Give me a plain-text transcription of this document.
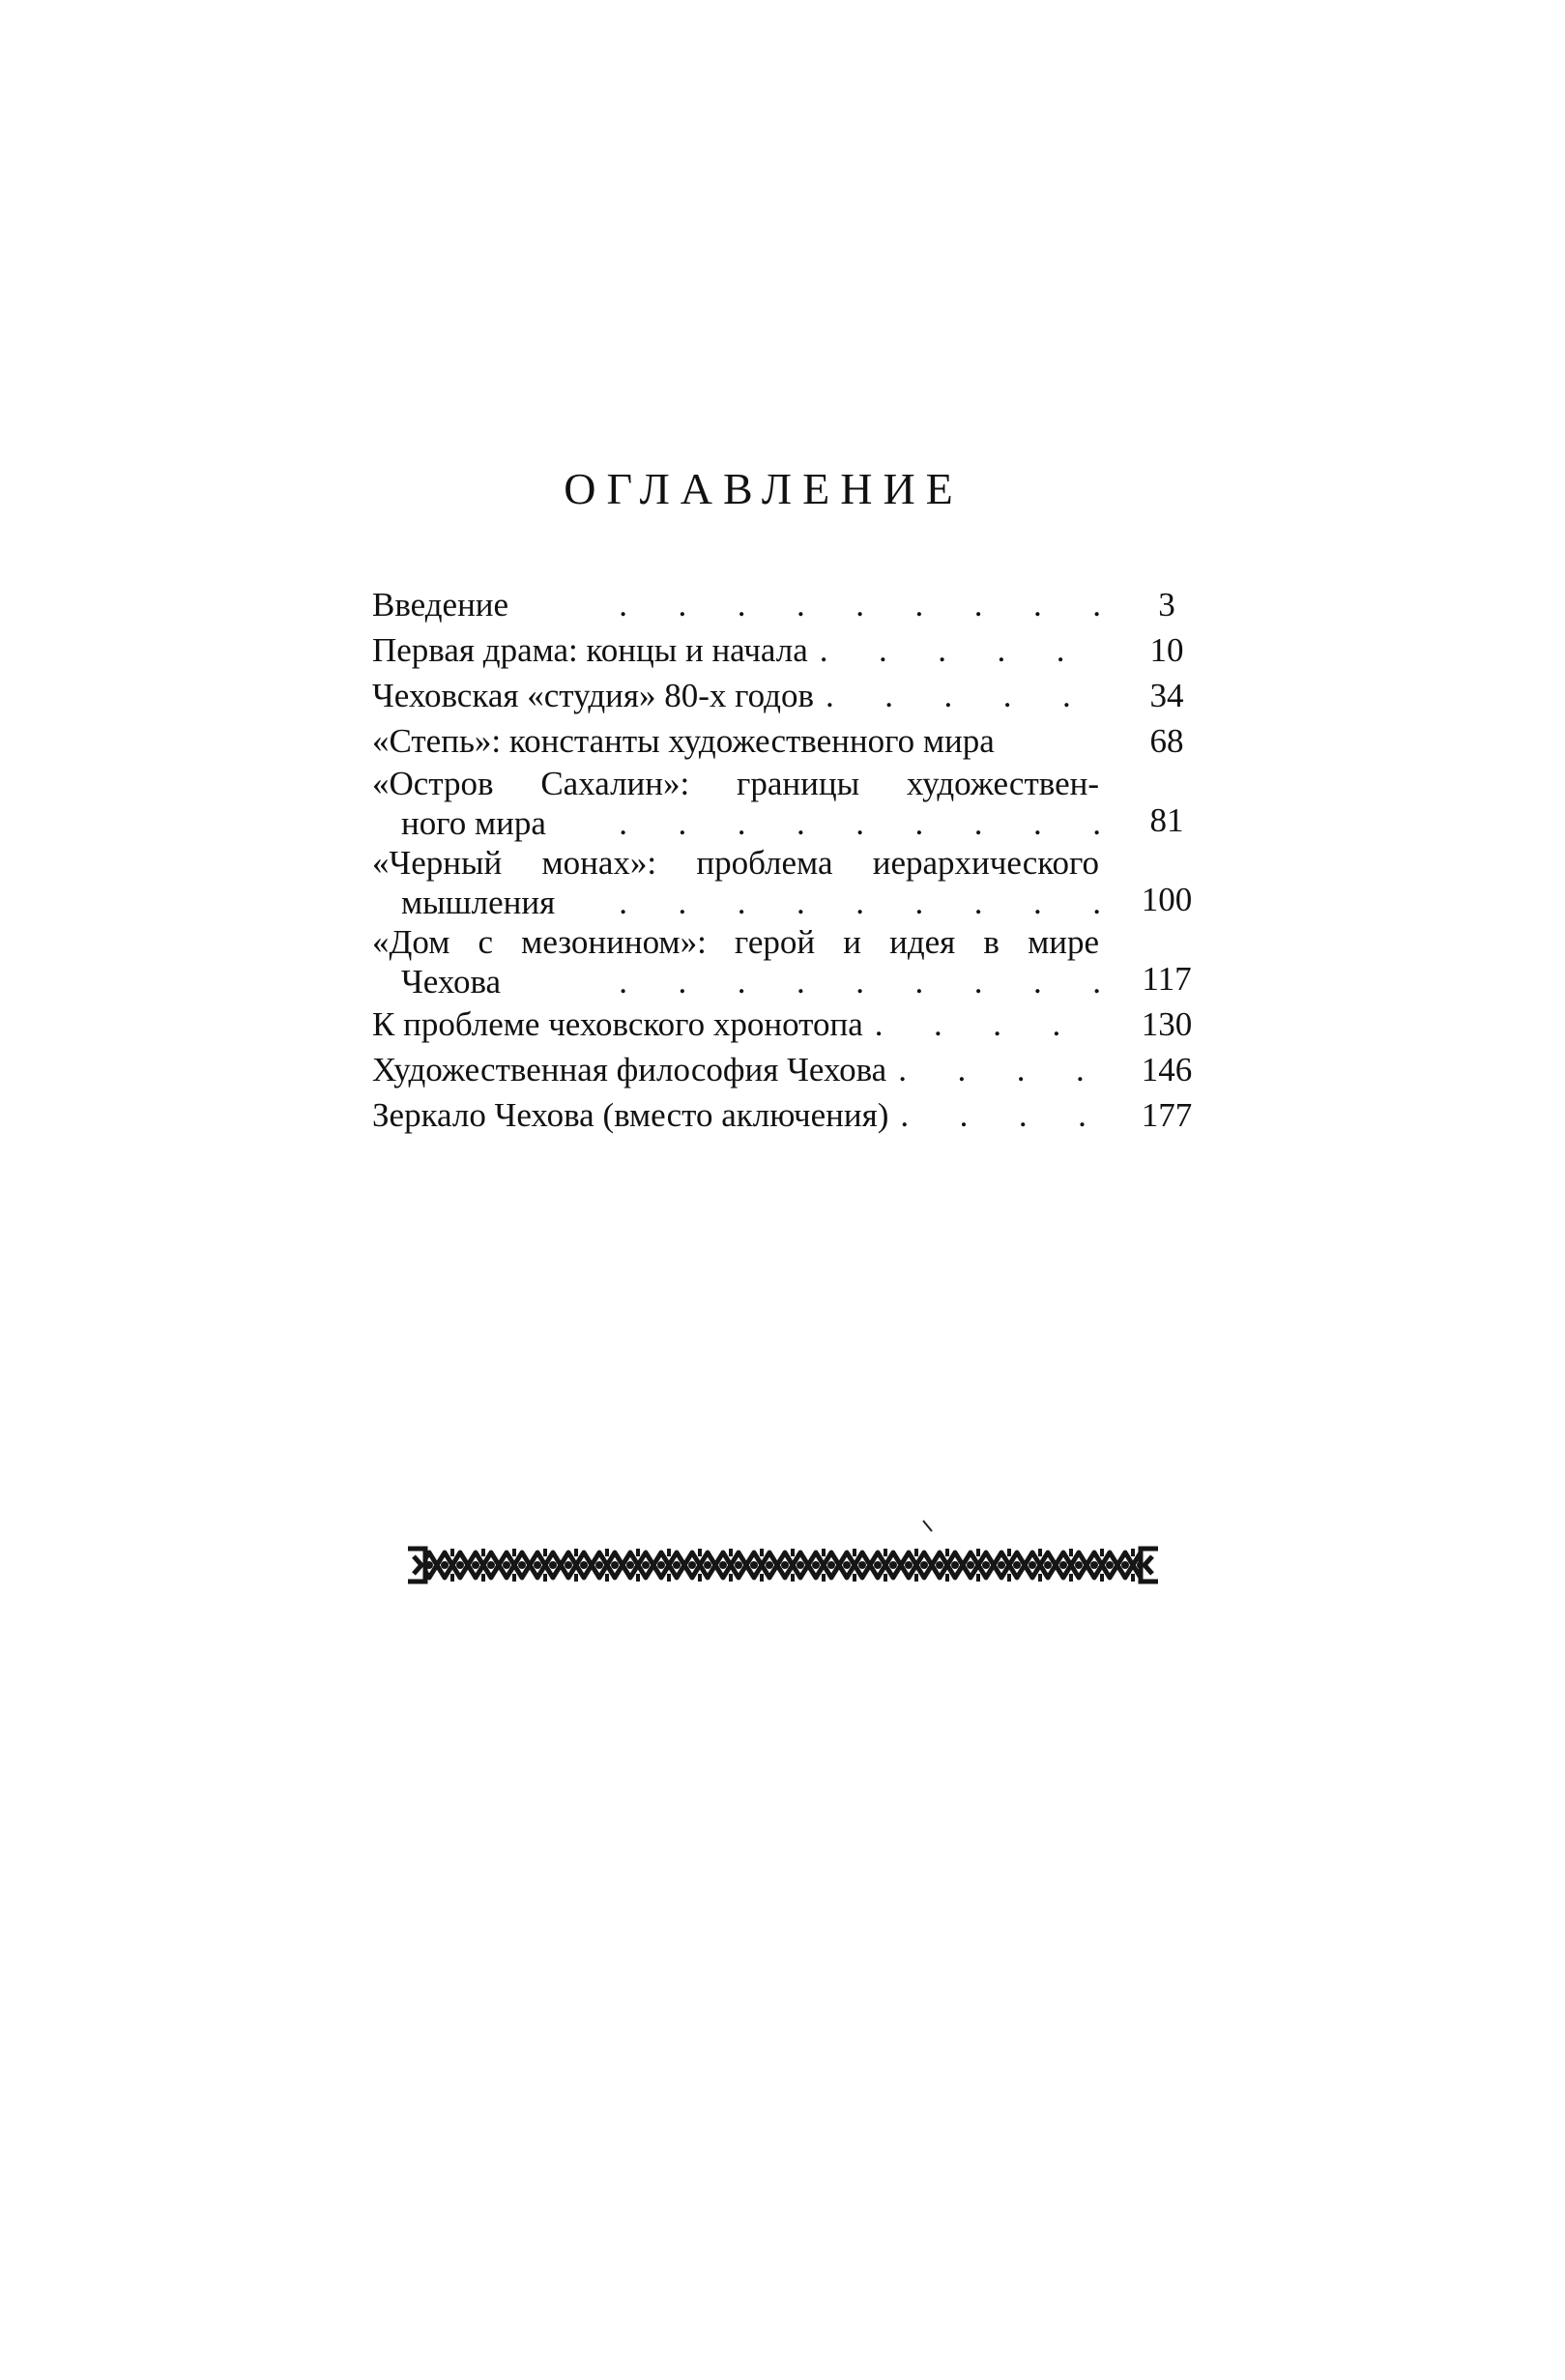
ОГЛАВЛЕНИЕ
Введение .	3
Первая драма: концы и начала .	10
Чеховская «студия» 80-х годов .	34
«Степь»: константы художественного мира	68
«Остров Сахалин»: границы художествен-
ного мира .	81
«Черный монах»: проблема иерархического
мышления .	100
«Дом с мезонином»: герой и идея в мире
Чехова .	117
К проблеме чеховского хронотопа .	130
Художественная философия Чехова .	146
Зеркало Чехова (вместо аключения) .	177
